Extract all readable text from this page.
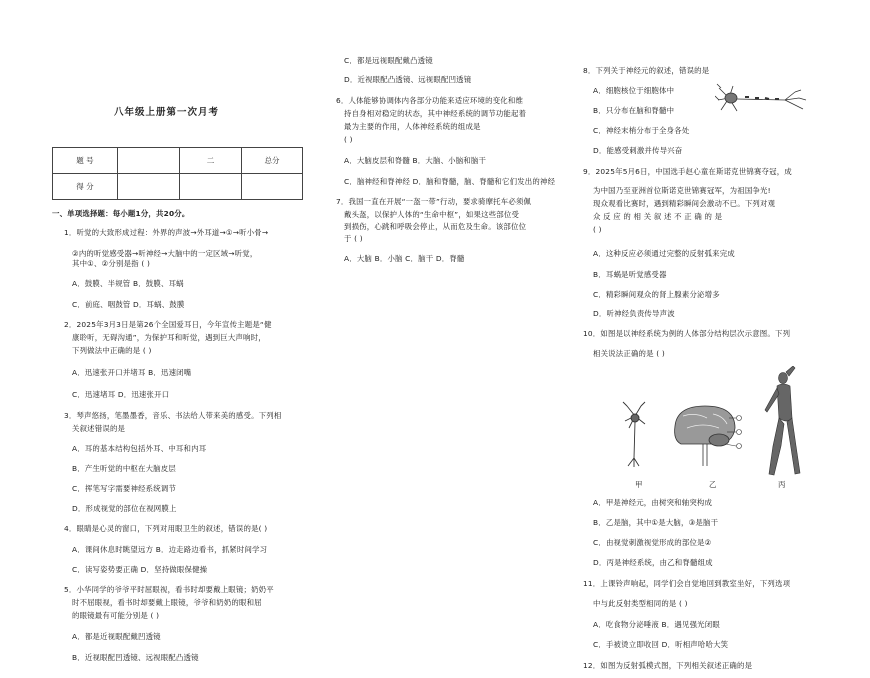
八年级上册第一次月考
题 号		二	总分
得 分			
一、单项选择题：每小题1分，共20分。
1．听觉的大致形成过程：外界的声波→外耳道→①→听小骨→
②内的听觉感受器→听神经→大脑中的一定区域→听觉，
其中①、②分别是指 ( )
A．鼓膜、半规管 B．鼓膜、耳蜗
C．前庭、咽鼓管 D．耳蜗、鼓膜
2．2025年3月3日是第26个全国爱耳日，今年宣传主题是“健
康聆听，无碍沟通”，为保护耳和听觉，遇到巨大声响时，
下列做法中正确的是 ( )
A．迅速张开口并堵耳 B．迅速闭嘴
C．迅速堵耳 D．迅速张开口
3．琴声悠扬，笔墨墨香，音乐、书法给人带来美的感受。下列相
关叙述错误的是
A．耳的基本结构包括外耳、中耳和内耳
B．产生听觉的中枢在大脑皮层
C．挥笔写字需要神经系统调节
D．形成视觉的部位在视网膜上
4．眼睛是心灵的窗口，下列对用眼卫生的叙述，错误的是( )
A．课间休息时眺望远方 B．边走路边看书，抓紧时间学习
C．读写姿势要正确 D．坚持做眼保健操
5．小华同学的爷爷平时屈眼视，看书时却要戴上眼镜；奶奶平
时不屈眼视，看书时却要戴上眼镜，爷爷和奶奶的眼和屈
的眼镜最有可能分别是 ( )
A．都是近视眼配戴凹透镜
B．近视眼配凹透镜、远视眼配凸透镜
C．都是远视眼配戴凸透镜
D．近视眼配凸透镜、远视眼配凹透镜
6．人体能够协调体内各部分功能来适应环境的变化和维
持自身相对稳定的状态，其中神经系统的调节功能起着
最为主要的作用，人体神经系统的组成是
( )
A．大脑皮层和脊髓 B．大脑、小脑和脑干
C．脑神经和脊神经 D．脑和脊髓，脑、脊髓和它们发出的神经
7．我国一直在开展“一盔一带”行动，要求骑摩托车必须佩
戴头盔，以保护人体的“生命中枢”，如果这些部位受
到损伤，心跳和呼吸会停止，从而危及生命。该部位位
于 ( )
A．大脑 B．小脑 C．脑干 D．脊髓
8．下列关于神经元的叙述，错误的是
A．细胞核位于细胞体中
B．只分布在脑和脊髓中
C．神经末梢分布于全身各处
D．能感受刺激并传导兴奋
9．2025年5月6日，中国选手赵心童在斯诺克世锦赛夺冠，成
为中国乃至亚洲首位斯诺克世锦赛冠军，为祖国争光!
现众观看比赛时，遇到精彩瞬间会激动不已。下列对观
众 反 应 的 相 关 叙 述 不 正 确 的 是
( )
A．这种反应必须通过完整的反射弧来完成
B．耳蜗是听觉感受器
C．精彩瞬间观众的肾上腺素分泌增多
D．听神经负责传导声波
10．如图是以神经系统为例的人体部分结构层次示意图。下列
相关说法正确的是 ( )
甲	乙	丙
A．甲是神经元，由树突和轴突构成
B．乙是脑，其中①是大脑，③是脑干
C．由视觉刺激视觉形成的部位是②
D．丙是神经系统，由乙和脊髓组成
11．上课铃声响起，同学们会自觉地回到教室坐好，下列选项
中与此反射类型相同的是 ( )
A．吃食物分泌唾液 B．遇见强光闭眼
C．手被烫立即收回 D．听相声哈哈大笑
12．如图为反射弧模式图，下列相关叙述正确的是
